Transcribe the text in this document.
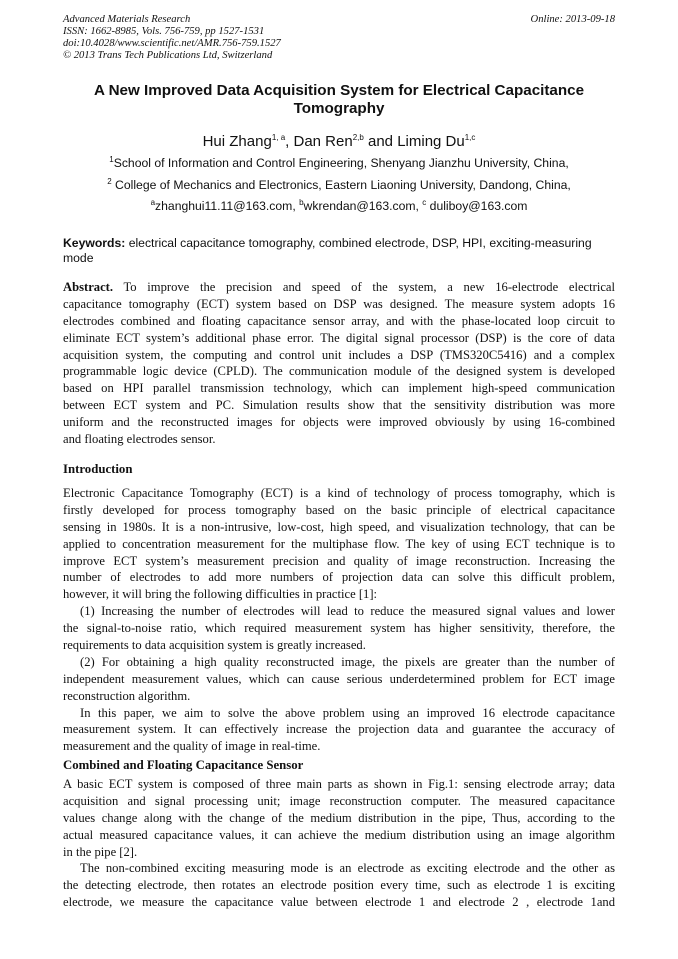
Advanced Materials Research
ISSN: 1662-8985, Vols. 756-759, pp 1527-1531
doi:10.4028/www.scientific.net/AMR.756-759.1527
© 2013 Trans Tech Publications Ltd, Switzerland
Online: 2013-09-18
A New Improved Data Acquisition System for Electrical Capacitance
Tomography
Hui Zhang$^{1, a}$, Dan Ren$^{2,b}$ and Liming Du$^{1,c}$
$^1$School of Information and Control Engineering, Shenyang Jianzhu University, China,
$^2$ College of Mechanics and Electronics, Eastern Liaoning University, Dandong, China,
$^a$zhanghui11.11@163.com, $^b$wkrendan@163.com, $^c$ duliboy@163.com
Keywords: electrical capacitance tomography, combined electrode, DSP, HPI, exciting-measuring mode
Abstract. To improve the precision and speed of the system, a new 16-electrode electrical
capacitance tomography (ECT) system based on DSP was designed. The measure system adopts 16
electrodes combined and floating capacitance sensor array, and with the phase-located loop circuit to
eliminate ECT system’s additional phase error. The digital signal processor (DSP) is the core of data
acquisition system, the computing and control unit includes a DSP (TMS320C5416) and a complex
programmable logic device (CPLD). The communication module of the designed system is developed
based on HPI parallel transmission technology, which can implement high-speed communication
between ECT system and PC. Simulation results show that the sensitivity distribution was more
uniform and the reconstructed images for objects were improved obviously by using 16-combined
and floating electrodes sensor.
Introduction
Electronic Capacitance Tomography (ECT) is a kind of technology of process tomography, which is
firstly developed for process tomography based on the basic principle of electrical capacitance
sensing in 1980s. It is a non-intrusive, low-cost, high speed, and visualization technology, that can be
applied to concentration measurement for the multiphase flow. The key of using ECT technique is to
improve ECT system’s measurement precision and quality of image reconstruction. Increasing the
number of electrodes to add more numbers of projection data can solve this difficult problem,
however, it will bring the following difficulties in practice [1]:
(1) Increasing the number of electrodes will lead to reduce the measured signal values and lower
the signal-to-noise ratio, which required measurement system has higher sensitivity, therefore, the
requirements to data acquisition system is greatly increased.
(2) For obtaining a high quality reconstructed image, the pixels are greater than the number of
independent measurement values, which can cause serious underdetermined problem for ECT image
reconstruction algorithm.
In this paper, we aim to solve the above problem using an improved 16 electrode capacitance
measurement system. It can effectively increase the projection data and guarantee the accuracy of
measurement and the quality of image in real-time.
Combined and Floating Capacitance Sensor
A basic ECT system is composed of three main parts as shown in Fig.1: sensing electrode array; data
acquisition and signal processing unit; image reconstruction computer. The measured capacitance
values change along with the change of the medium distribution in the pipe, Thus, according to the
actual measured capacitance values, it can achieve the medium distribution using an image algorithm
in the pipe [2].
The non-combined exciting measuring mode is an electrode as exciting electrode and the other as
the detecting electrode, then rotates an electrode position every time, such as electrode 1 is exciting
electrode, we measure the capacitance value between electrode 1 and electrode 2 , electrode 1and
